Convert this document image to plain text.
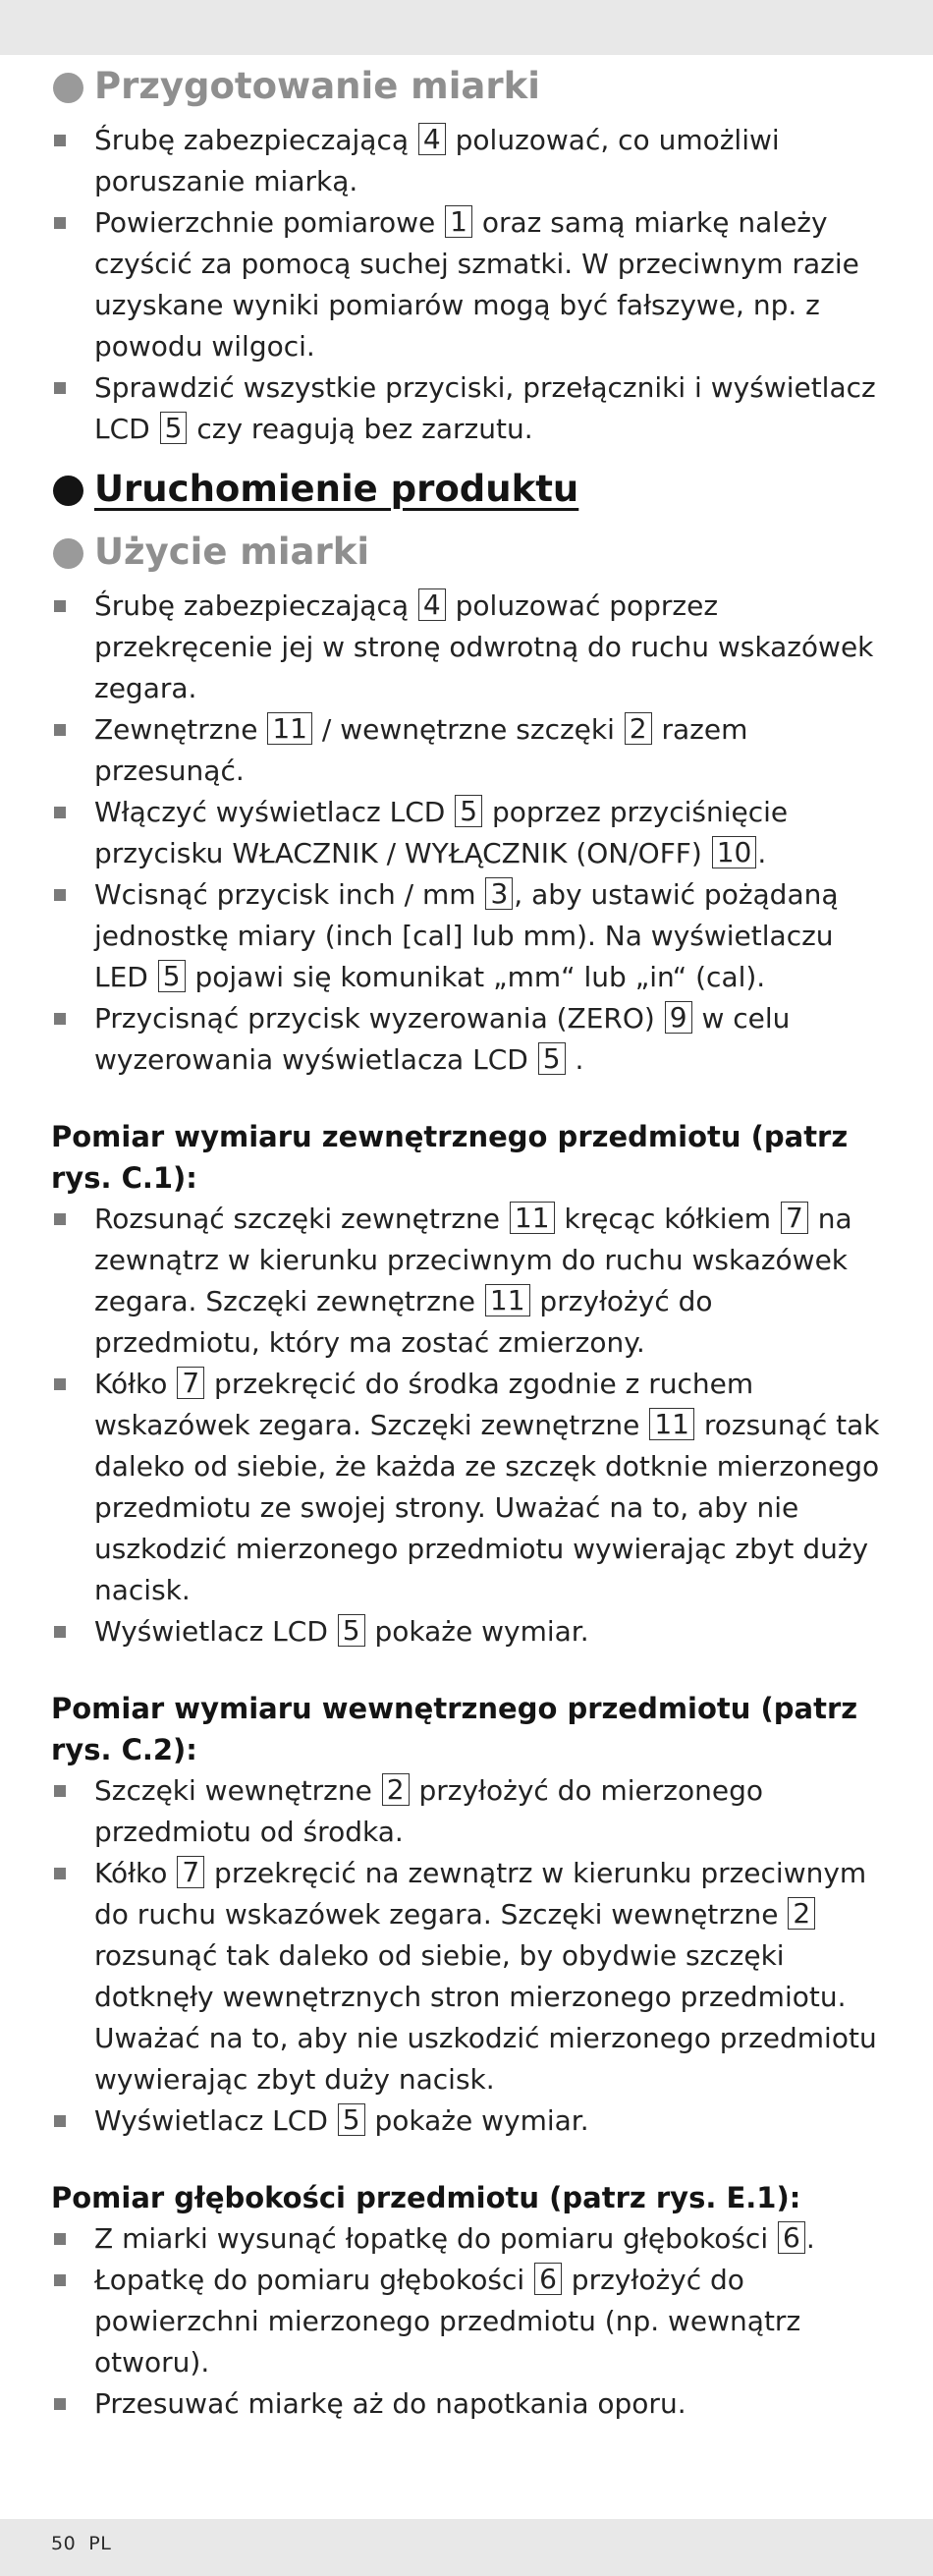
Przygotowanie miarki
Śrubę zabezpieczającą 4 poluzować, co umożliwi poruszanie miarką.
Powierzchnie pomiarowe 1 oraz samą miarkę należy czyścić za pomocą suchej szmatki. W przeciwnym razie uzyskane wyniki pomiarów mogą być fałszywe, np. z powodu wilgoci.
Sprawdzić wszystkie przyciski, przełączniki i wyświetlacz LCD 5 czy reagują bez zarzutu.
Uruchomienie produktu
Użycie miarki
Śrubę zabezpieczającą 4 poluzować poprzez przekręcenie jej w stronę odwrotną do ruchu wskazówek zegara.
Zewnętrzne 11 / wewnętrzne szczęki 2 razem przesunąć.
Włączyć wyświetlacz LCD 5 poprzez przyciśnięcie przycisku WŁACZNIK / WYŁĄCZNIK (ON/OFF) 10 .
Wcisnąć przycisk inch / mm 3 , aby ustawić pożądaną jednostkę miary (inch [cal] lub mm). Na wyświetlaczu LED 5 pojawi się komunikat „mm“ lub „in“ (cal).
Przycisnąć przycisk wyzerowania (ZERO) 9 w celu wyzerowania wyświetlacza LCD 5 .
Pomiar wymiaru zewnętrznego przedmiotu (patrz rys. C.1):
Rozsunąć szczęki zewnętrzne 11 kręcąc kółkiem 7 na zewnątrz w kierunku przeciwnym do ruchu wskazówek zegara. Szczęki zewnętrzne 11 przyłożyć do przedmiotu, który ma zostać zmierzony.
Kółko 7 przekręcić do środka zgodnie z ruchem wskazówek zegara. Szczęki zewnętrzne 11 rozsunąć tak daleko od siebie, że każda ze szczęk dotknie mierzonego przedmiotu ze swojej strony. Uważać na to, aby nie uszkodzić mierzonego przedmiotu wywierając zbyt duży nacisk.
Wyświetlacz LCD 5 pokaże wymiar.
Pomiar wymiaru wewnętrznego przedmiotu (patrz rys. C.2):
Szczęki wewnętrzne 2 przyłożyć do mierzonego przedmiotu od środka.
Kółko 7 przekręcić na zewnątrz w kierunku przeciwnym do ruchu wskazówek zegara. Szczęki wewnętrzne 2 rozsunąć tak daleko od siebie, by obydwie szczęki dotknęły wewnętrznych stron mierzonego przedmiotu. Uważać na to, aby nie uszkodzić mierzonego przedmiotu wywierając zbyt duży nacisk.
Wyświetlacz LCD 5 pokaże wymiar.
Pomiar głębokości przedmiotu (patrz rys. E.1):
Z miarki wysunąć łopatkę do pomiaru głębokości 6 .
Łopatkę do pomiaru głębokości 6 przyłożyć do powierzchni mierzonego przedmiotu (np. wewnątrz otworu).
Przesuwać miarkę aż do napotkania oporu.
50 PL
